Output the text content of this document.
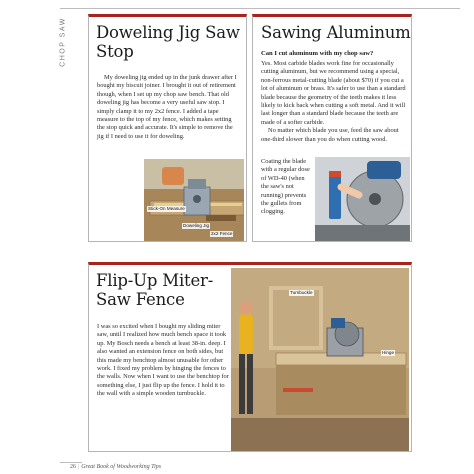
CHOP SAW Doweling Jig Saw Stop

My doweling jig ended up in the junk drawer after I bought my biscuit joiner. I brought it out of retirement though, when I set up my chop saw bench. That old doweling jig has become a very useful saw stop. I simply clamp it to my 2x2 fence. I added a tape measure to the top of my fence, which makes setting the stop quick and accurate. It's simple to remove the jig if I need to use it for doweling.

Stick-On Measure
Doweling Jig
2x2 Fence
Sawing Aluminum
Can I cut aluminum with my chop saw?

Yes. Most carbide blades work fine for occasionally cutting aluminum, but we recommend using a special, non-ferrous metal-cutting blade (about $70) if you cut a lot of aluminum or brass. It's safer to use than a standard blade because the geometry of the teeth makes it less likely to kick back when cutting a soft metal. And it will last longer than a standard blade because the teeth are made of a softer carbide.

No matter which blade you use, feed the saw about one-third slower than you do when cutting wood.

Coating the blade with a regular dose of WD-40 (when the saw's not running) prevents the gullets from clogging.

Flip-Up Miter-Saw Fence

I was so excited when I bought my sliding miter saw, until I realized how much bench space it took up. My Bosch needs a bench at least 38-in. deep. I also wanted an extension fence on both sides, but this made my benchtop almost unusable for other work. I fixed my problem by hinging the fences to the walls. Now when I want to use the benchtop for something else, I just flip up the fence. I hold it to the wall with a simple wooden turnbuckle.

Turnbuckle
Hinge
26 | Great Book of Woodworking Tips
